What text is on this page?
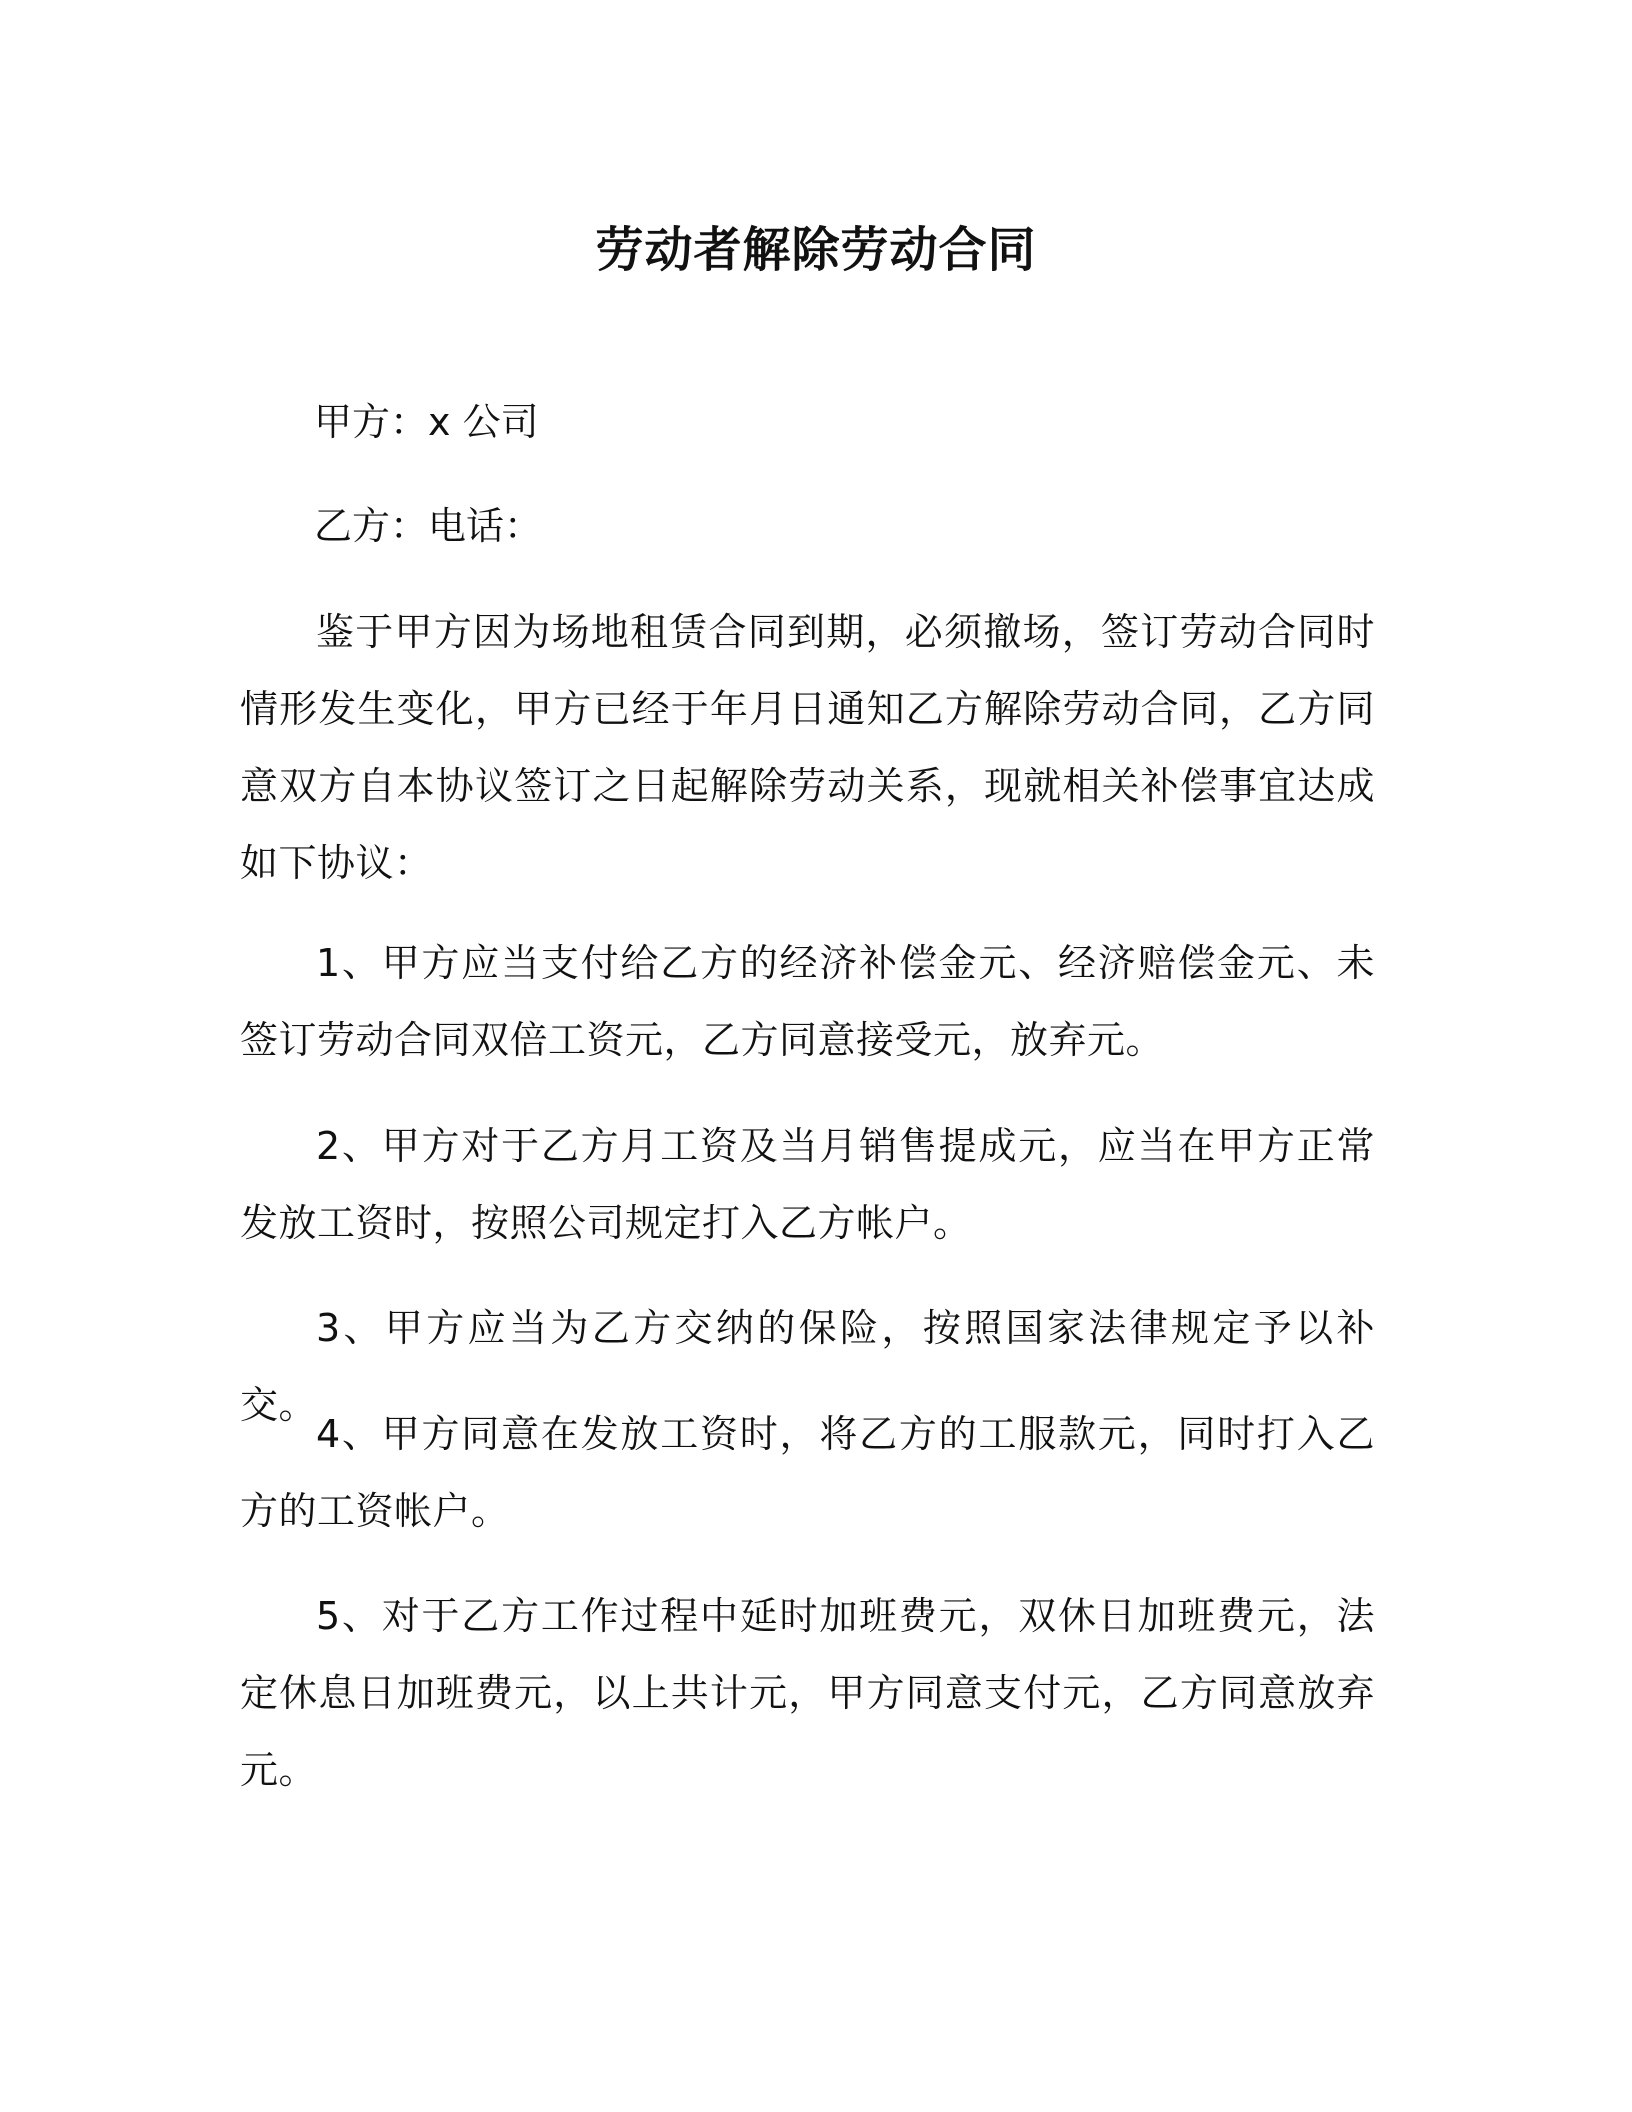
劳动者解除劳动合同
甲方：x 公司
乙方：电话：
鉴于甲方因为场地租赁合同到期，必须撤场，签订劳动合同时情形发生变化，甲方已经于年月日通知乙方解除劳动合同，乙方同意双方自本协议签订之日起解除劳动关系，现就相关补偿事宜达成如下协议：
1、甲方应当支付给乙方的经济补偿金元、经济赔偿金元、未签订劳动合同双倍工资元，乙方同意接受元，放弃元。
2、甲方对于乙方月工资及当月销售提成元，应当在甲方正常发放工资时，按照公司规定打入乙方帐户。
3、甲方应当为乙方交纳的保险，按照国家法律规定予以补交。
4、甲方同意在发放工资时，将乙方的工服款元，同时打入乙方的工资帐户。
5、对于乙方工作过程中延时加班费元，双休日加班费元，法定休息日加班费元，以上共计元，甲方同意支付元，乙方同意放弃元。
